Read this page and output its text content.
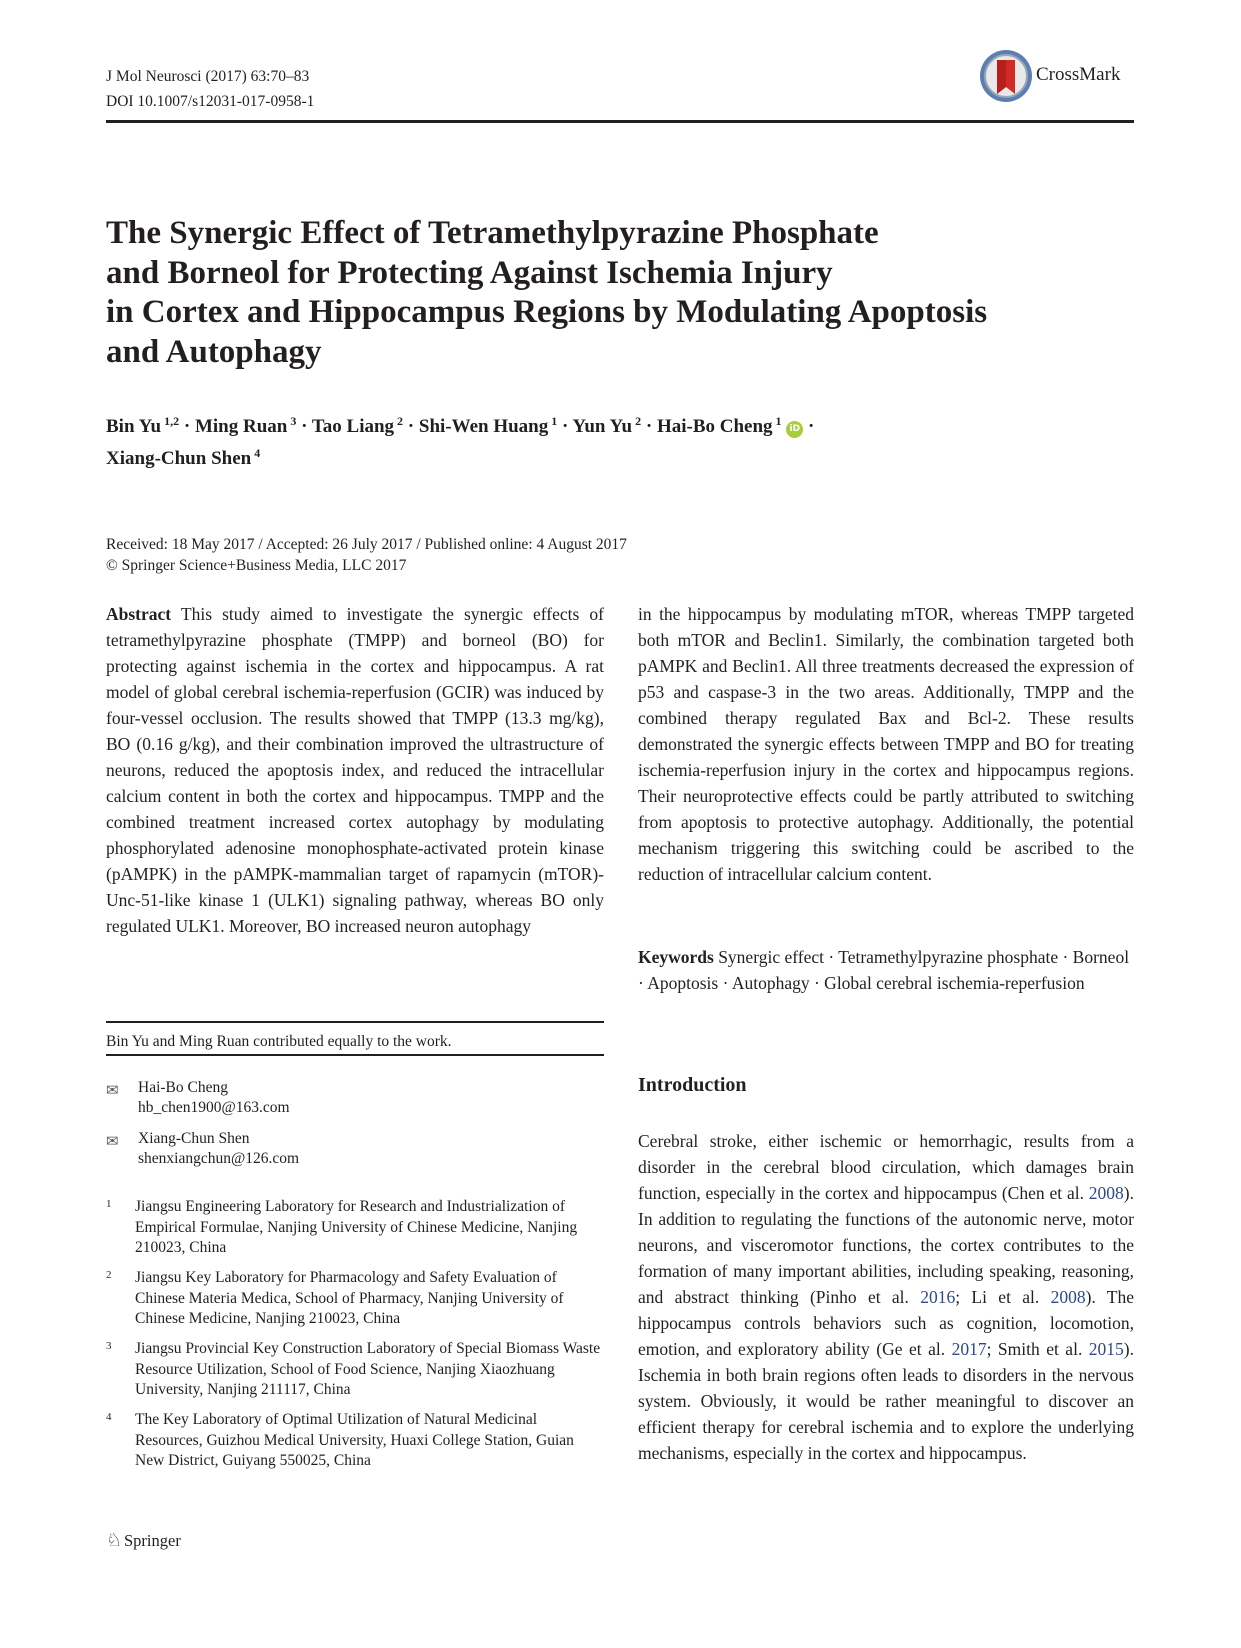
J Mol Neurosci (2017) 63:70–83
DOI 10.1007/s12031-017-0958-1
CrossMark
The Synergic Effect of Tetramethylpyrazine Phosphate
and Borneol for Protecting Against Ischemia Injury
in Cortex and Hippocampus Regions by Modulating Apoptosis
and Autophagy
Bin Yu $^{1,2}$ · Ming Ruan $^3$ · Tao Liang $^2$ · Shi-Wen Huang $^1$ · Yun Yu $^2$ · Hai-Bo Cheng $^1$ iD ·
Xiang-Chun Shen $^4$
Received: 18 May 2017 / Accepted: 26 July 2017 / Published online: 4 August 2017
© Springer Science+Business Media, LLC 2017
Abstract This study aimed to investigate the synergic effects of tetramethylpyrazine phosphate (TMPP) and borneol (BO) for protecting against ischemia in the cortex and hippocampus. A rat model of global cerebral ischemia-reperfusion (GCIR) was induced by four-vessel occlusion. The results showed that TMPP (13.3 mg/kg), BO (0.16 g/kg), and their combination improved the ultrastructure of neurons, reduced the apoptosis index, and reduced the intracellular calcium content in both the cortex and hippocampus. TMPP and the combined treatment increased cortex autophagy by modulating phosphorylated adenosine monophosphate-activated protein kinase (pAMPK) in the pAMPK-mammalian target of rapamycin (mTOR)-Unc-51-like kinase 1 (ULK1) signaling pathway, whereas BO only regulated ULK1. Moreover, BO increased neuron autophagy
in the hippocampus by modulating mTOR, whereas TMPP targeted both mTOR and Beclin1. Similarly, the combination targeted both pAMPK and Beclin1. All three treatments decreased the expression of p53 and caspase-3 in the two areas. Additionally, TMPP and the combined therapy regulated Bax and Bcl-2. These results demonstrated the synergic effects between TMPP and BO for treating ischemia-reperfusion injury in the cortex and hippocampus regions. Their neuroprotective effects could be partly attributed to switching from apoptosis to protective autophagy. Additionally, the potential mechanism triggering this switching could be ascribed to the reduction of intracellular calcium content.
Keywords Synergic effect · Tetramethylpyrazine phosphate · Borneol · Apoptosis · Autophagy · Global cerebral ischemia-reperfusion
Bin Yu and Ming Ruan contributed equally to the work.
✉ Hai-Bo Cheng
hb_chen1900@163.com
✉ Xiang-Chun Shen
shenxiangchun@126.com
1 Jiangsu Engineering Laboratory for Research and Industrialization of Empirical Formulae, Nanjing University of Chinese Medicine, Nanjing 210023, China
2 Jiangsu Key Laboratory for Pharmacology and Safety Evaluation of Chinese Materia Medica, School of Pharmacy, Nanjing University of Chinese Medicine, Nanjing 210023, China
3 Jiangsu Provincial Key Construction Laboratory of Special Biomass Waste Resource Utilization, School of Food Science, Nanjing Xiaozhuang University, Nanjing 211117, China
4 The Key Laboratory of Optimal Utilization of Natural Medicinal Resources, Guizhou Medical University, Huaxi College Station, Guian New District, Guiyang 550025, China
Introduction
Cerebral stroke, either ischemic or hemorrhagic, results from a disorder in the cerebral blood circulation, which damages brain function, especially in the cortex and hippocampus (Chen et al. 2008). In addition to regulating the functions of the autonomic nerve, motor neurons, and visceromotor functions, the cortex contributes to the formation of many important abilities, including speaking, reasoning, and abstract thinking (Pinho et al. 2016; Li et al. 2008). The hippocampus controls behaviors such as cognition, locomotion, emotion, and exploratory ability (Ge et al. 2017; Smith et al. 2015). Ischemia in both brain regions often leads to disorders in the nervous system. Obviously, it would be rather meaningful to discover an efficient therapy for cerebral ischemia and to explore the underlying mechanisms, especially in the cortex and hippocampus.
♘ Springer
